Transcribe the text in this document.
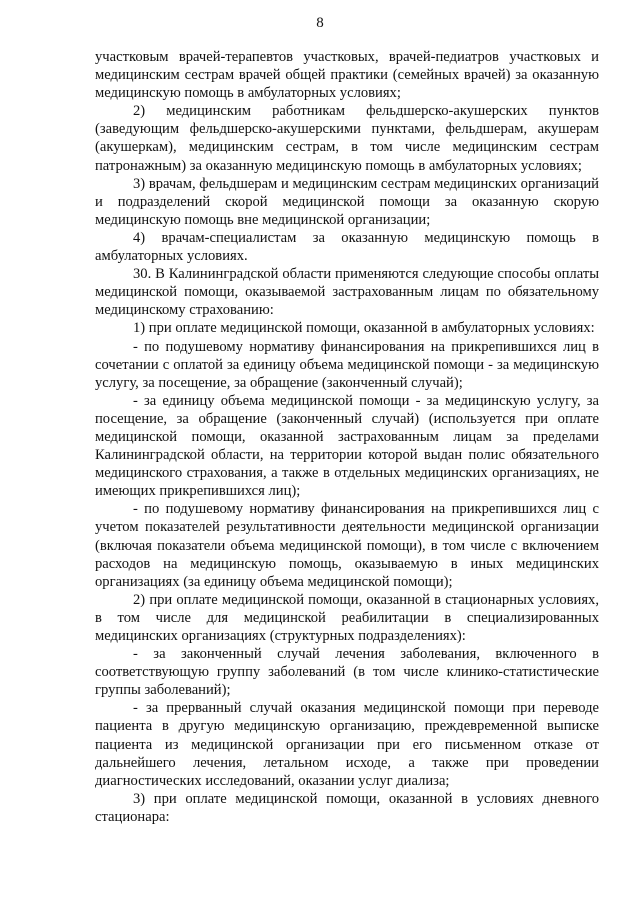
8

участковым врачей-терапевтов участковых, врачей-педиатров участковых и медицинским сестрам врачей общей практики (семейных врачей) за оказанную медицинскую помощь в амбулаторных условиях;

2) медицинским работникам фельдшерско-акушерских пунктов (заведующим фельдшерско-акушерскими пунктами, фельдшерам, акушерам (акушеркам), медицинским сестрам, в том числе медицинским сестрам патронажным) за оказанную медицинскую помощь в амбулаторных условиях;

3) врачам, фельдшерам и медицинским сестрам медицинских организаций и подразделений скорой медицинской помощи за оказанную скорую медицинскую помощь вне медицинской организации;

4) врачам-специалистам за оказанную медицинскую помощь в амбулаторных условиях.

30. В Калининградской области применяются следующие способы оплаты медицинской помощи, оказываемой застрахованным лицам по обязательному медицинскому страхованию:

1) при оплате медицинской помощи, оказанной в амбулаторных условиях:

- по подушевому нормативу финансирования на прикрепившихся лиц в сочетании с оплатой за единицу объема медицинской помощи - за медицинскую услугу, за посещение, за обращение (законченный случай);

- за единицу объема медицинской помощи - за медицинскую услугу, за посещение, за обращение (законченный случай) (используется при оплате медицинской помощи, оказанной застрахованным лицам за пределами Калининградской области, на территории которой выдан полис обязательного медицинского страхования, а также в отдельных медицинских организациях, не имеющих прикрепившихся лиц);

- по подушевому нормативу финансирования на прикрепившихся лиц с учетом показателей результативности деятельности медицинской организации (включая показатели объема медицинской помощи), в том числе с включением расходов на медицинскую помощь, оказываемую в иных медицинских организациях (за единицу объема медицинской помощи);

2) при оплате медицинской помощи, оказанной в стационарных условиях, в том числе для медицинской реабилитации в специализированных медицинских организациях (структурных подразделениях):

- за законченный случай лечения заболевания, включенного в соответствующую группу заболеваний (в том числе клинико-статистические группы заболеваний);

- за прерванный случай оказания медицинской помощи при переводе пациента в другую медицинскую организацию, преждевременной выписке пациента из медицинской организации при его письменном отказе от дальнейшего лечения, летальном исходе, а также при проведении диагностических исследований, оказании услуг диализа;

3) при оплате медицинской помощи, оказанной в условиях дневного стационара:
